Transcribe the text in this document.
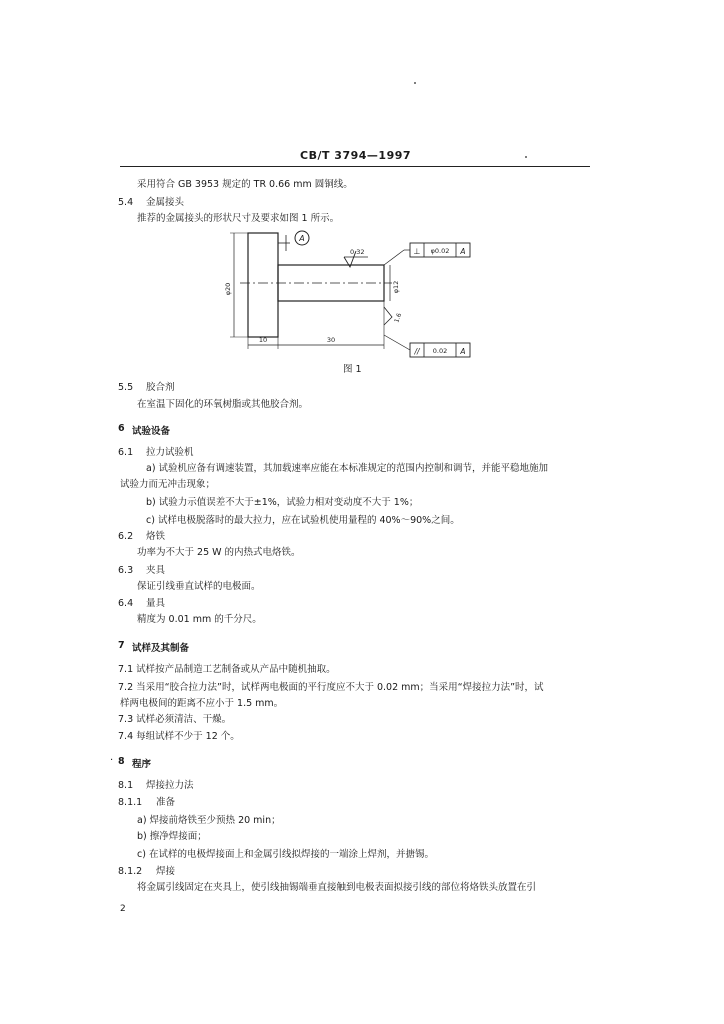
CB/T 3794—1997
采用符合 GB 3953 规定的 TR 0.66 mm 圆铜线。
5.4 金属接头
推荐的金属接头的形状尺寸及要求如图 1 所示。
A
0.32
1.6
φ20	φ12
10	30
⊥ φ0.02 A
// 0.02 A
图 1
5.5 胶合剂
在室温下固化的环氧树脂或其他胶合剂。
6 试验设备
6.1 拉力试验机
a) 试验机应备有调速装置，其加载速率应能在本标准规定的范围内控制和调节，并能平稳地施加
试验力而无冲击现象；
b) 试验力示值误差不大于±1%，试验力相对变动度不大于 1%；
c) 试样电极脱落时的最大拉力，应在试验机使用量程的 40%～90%之间。
6.2 烙铁
功率为不大于 25 W 的内热式电烙铁。
6.3 夹具
保证引线垂直试样的电极面。
6.4 量具
精度为 0.01 mm 的千分尺。
7 试样及其制备
7.1 试样按产品制造工艺制备或从产品中随机抽取。
7.2 当采用“胶合拉力法”时，试样两电极面的平行度应不大于 0.02 mm；当采用“焊接拉力法”时，试
样两电极间的距离不应小于 1.5 mm。
7.3 试样必须清洁、干燥。
7.4 每组试样不少于 12 个。
· 8 程序
8.1 焊接拉力法
8.1.1 准备
a) 焊接前烙铁至少预热 20 min；
b) 擦净焊接面；
c) 在试样的电极焊接面上和金属引线拟焊接的一端涂上焊剂，并搪锡。
8.1.2 焊接
将金属引线固定在夹具上，使引线抽锡端垂直接触到电极表面拟接引线的部位将烙铁头放置在引
2
